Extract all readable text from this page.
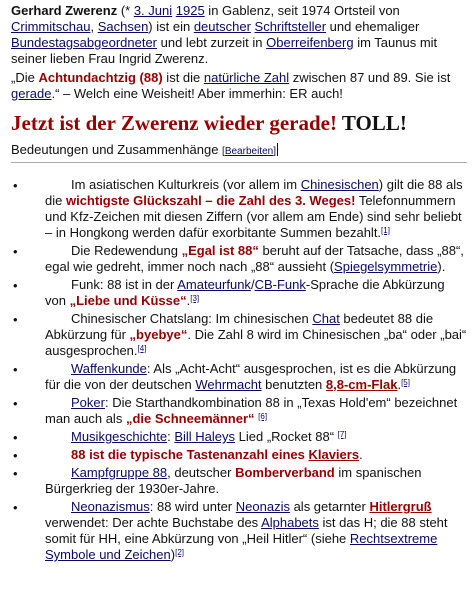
Gerhard Zwerenz (* 3. Juni 1925 in Gablenz, seit 1974 Ortsteil von Crimmitschau, Sachsen) ist ein deutscher Schriftsteller und ehemaliger Bundestagsabgeordneter und lebt zurzeit in Oberreifenberg im Taunus mit seiner lieben Frau Ingrid Zwerenz.
„Die Achtundachtzig (88) ist die natürliche Zahl zwischen 87 und 89. Sie ist gerade.“ – Welch eine Weisheit! Aber immerhin: ER auch!
Jetzt ist der Zwerenz wieder gerade! TOLL!
Bedeutungen und Zusammenhänge [Bearbeiten]
•	Im asiatischen Kulturkreis (vor allem im Chinesischen) gilt die 88 als die wichtigste Glückszahl – die Zahl des 3. Weges! Telefonnummern und Kfz-Zeichen mit diesen Ziffern (vor allem am Ende) sind sehr beliebt – in Hongkong werden dafür exorbitante Summen bezahlt.[1]
•	Die Redewendung „Egal ist 88“ beruht auf der Tatsache, dass „88“, egal wie gedreht, immer noch nach „88“ aussieht (Spiegelsymmetrie).
•	Funk: 88 ist in der Amateurfunk/CB-Funk-Sprache die Abkürzung von „Liebe und Küsse“.[3]
•	Chinesischer Chatslang: Im chinesischen Chat bedeutet 88 die Abkürzung für „byebye“. Die Zahl 8 wird im Chinesischen „ba“ oder „bai“ ausgesprochen.[4]
•	Waffenkunde: Als „Acht-Acht“ ausgesprochen, ist es die Abkürzung für die von der deutschen Wehrmacht benutzten 8,8-cm-Flak.[5]
•	Poker: Die Starthandkombination 88 in „Texas Hold'em“ bezeichnet man auch als „die Schneemänner“ [6]
•	Musikgeschichte: Bill Haleys Lied „Rocket 88“ [7]
•	88 ist die typische Tastenanzahl eines Klaviers.
•	Kampfgruppe 88, deutscher Bomberverband im spanischen Bürgerkrieg der 1930er-Jahre.
•	Neonazismus: 88 wird unter Neonazis als getarnter Hitlergruß verwendet: Der achte Buchstabe des Alphabets ist das H; die 88 steht somit für HH, eine Abkürzung von „Heil Hitler“ (siehe Rechtsextreme Symbole und Zeichen)[2]
